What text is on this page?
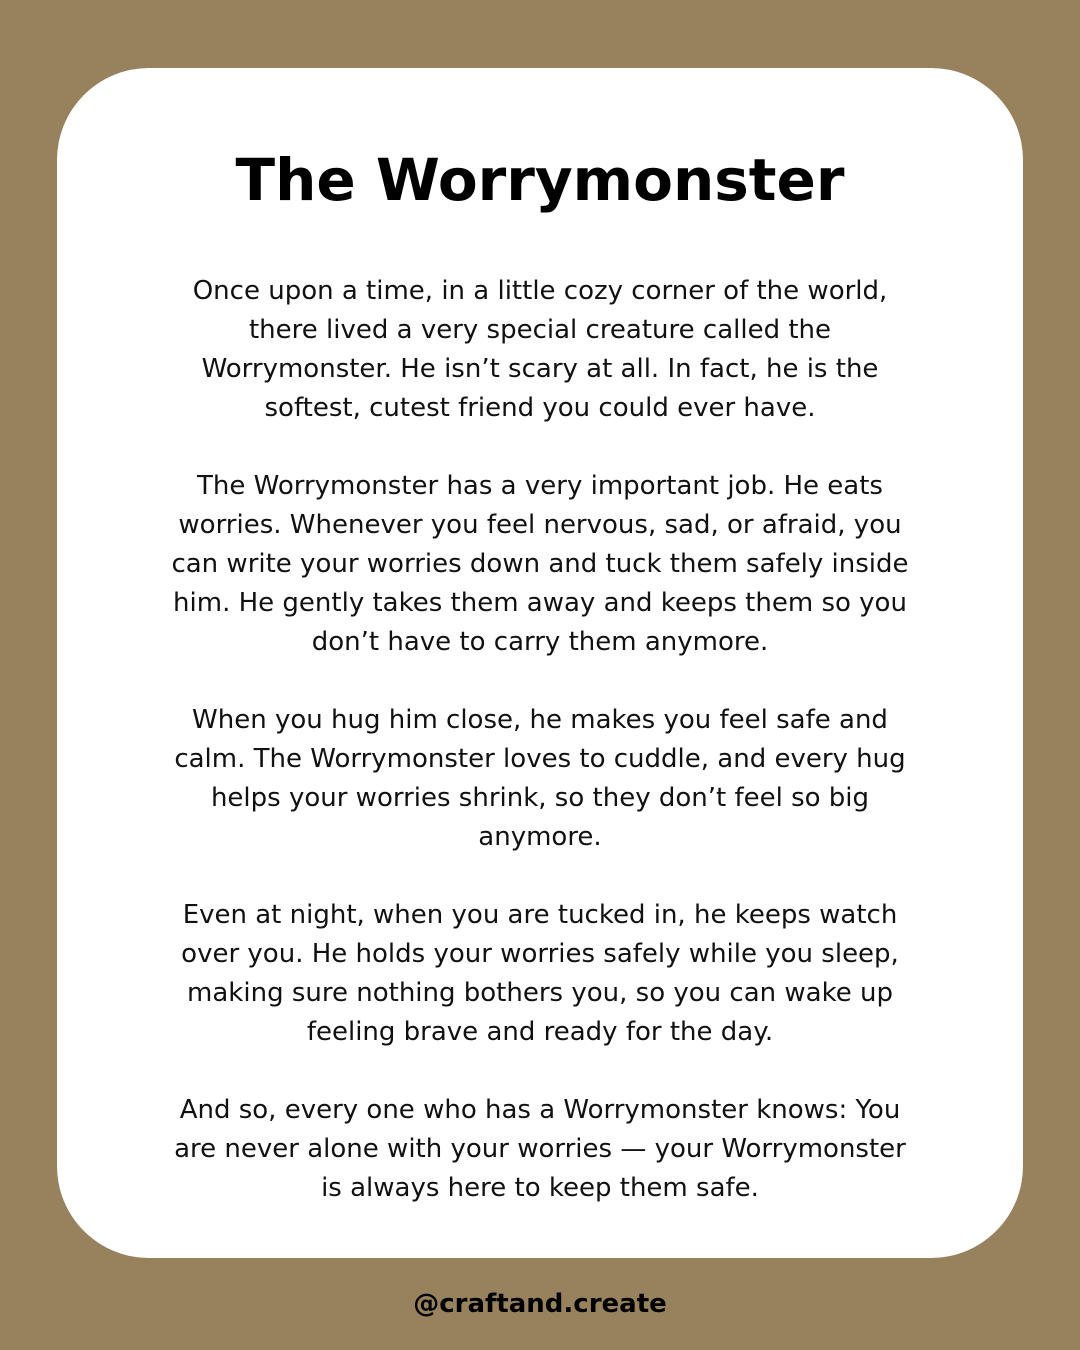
The Worrymonster

Once upon a time, in a little cozy corner of the world, there lived a very special creature called the Worrymonster. He isn’t scary at all. In fact, he is the softest, cutest friend you could ever have.

The Worrymonster has a very important job. He eats worries. Whenever you feel nervous, sad, or afraid, you can write your worries down and tuck them safely inside him. He gently takes them away and keeps them so you don’t have to carry them anymore.

When you hug him close, he makes you feel safe and calm. The Worrymonster loves to cuddle, and every hug helps your worries shrink, so they don’t feel so big anymore.

Even at night, when you are tucked in, he keeps watch over you. He holds your worries safely while you sleep, making sure nothing bothers you, so you can wake up feeling brave and ready for the day.

And so, every one who has a Worrymonster knows: You are never alone with your worries — your Worrymonster is always here to keep them safe.

@craftand.create
